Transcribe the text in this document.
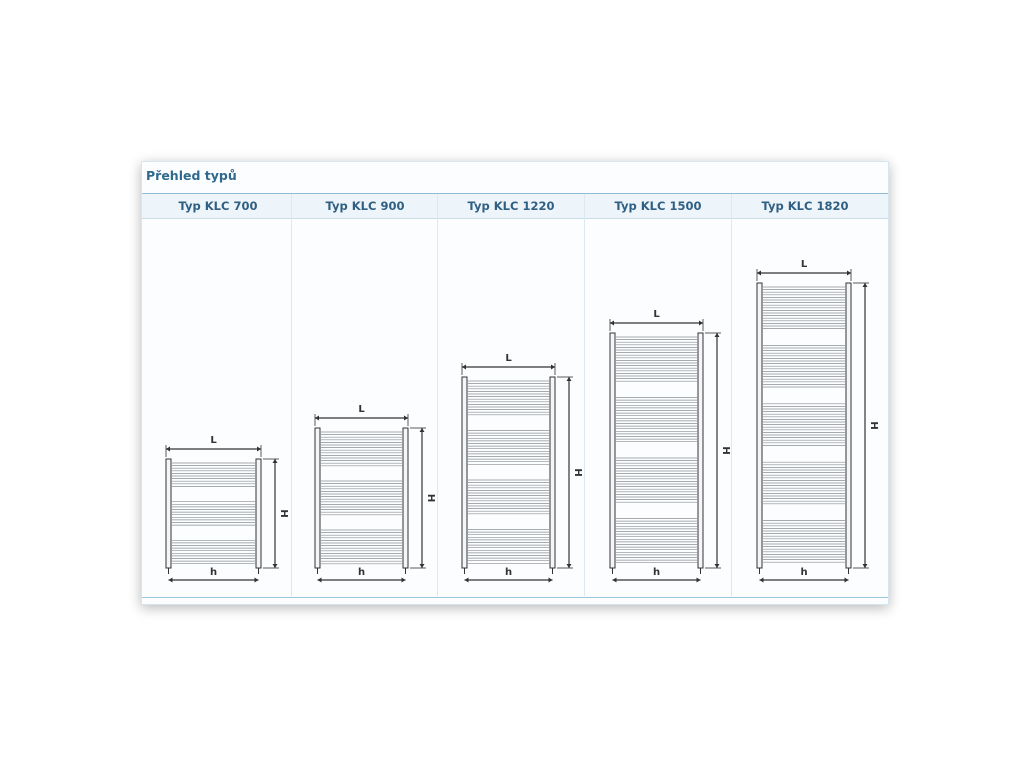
Přehled typů
Typ KLC 700	Typ KLC 900	Typ KLC 1220	Typ KLC 1500	Typ KLC 1820
L
h
H
L
h
H
L
h
H
L
h
H
L
h
H
